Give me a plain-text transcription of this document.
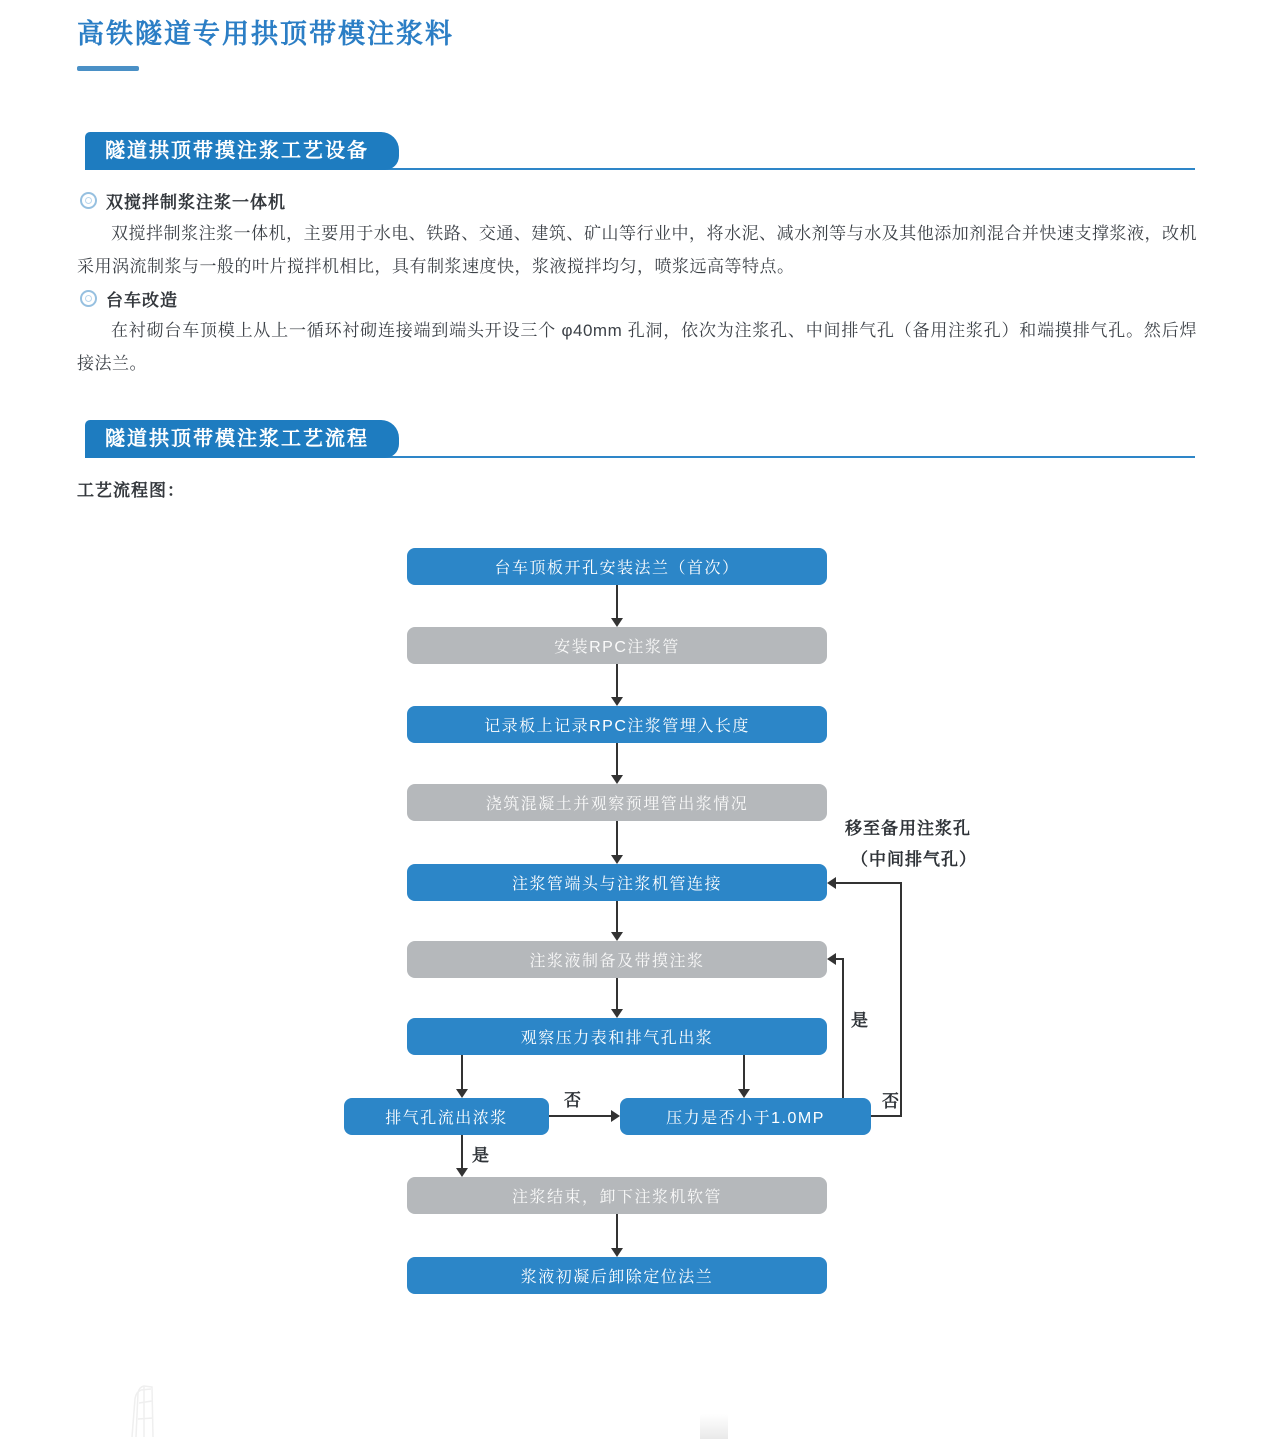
高铁隧道专用拱顶带模注浆料
隧道拱顶带摸注浆工艺设备
双搅拌制浆注浆一体机
双搅拌制浆注浆一体机，主要用于水电、铁路、交通、建筑、矿山等行业中，将水泥、减水剂等与水及其他添加剂混合并快速支撑浆液，改机采用涡流制浆与一般的叶片搅拌机相比，具有制浆速度快，浆液搅拌均匀，喷浆远高等特点。
台车改造
在衬砌台车顶模上从上一循环衬砌连接端到端头开设三个 φ40mm 孔洞，依次为注浆孔、中间排气孔（备用注浆孔）和端摸排气孔。然后焊接法兰。
隧道拱顶带模注浆工艺流程
工艺流程图：
台车顶板开孔安装法兰（首次）
安装RPC注浆管
记录板上记录RPC注浆管埋入长度
浇筑混凝土并观察预埋管出浆情况
注浆管端头与注浆机管连接
注浆液制备及带摸注浆
观察压力表和排气孔出浆
排气孔流出浓浆	压力是否小于1.0MP
注浆结束，卸下注浆机软管
浆液初凝后卸除定位法兰
否
是
是
否
移至备用注浆孔
（中间排气孔）
